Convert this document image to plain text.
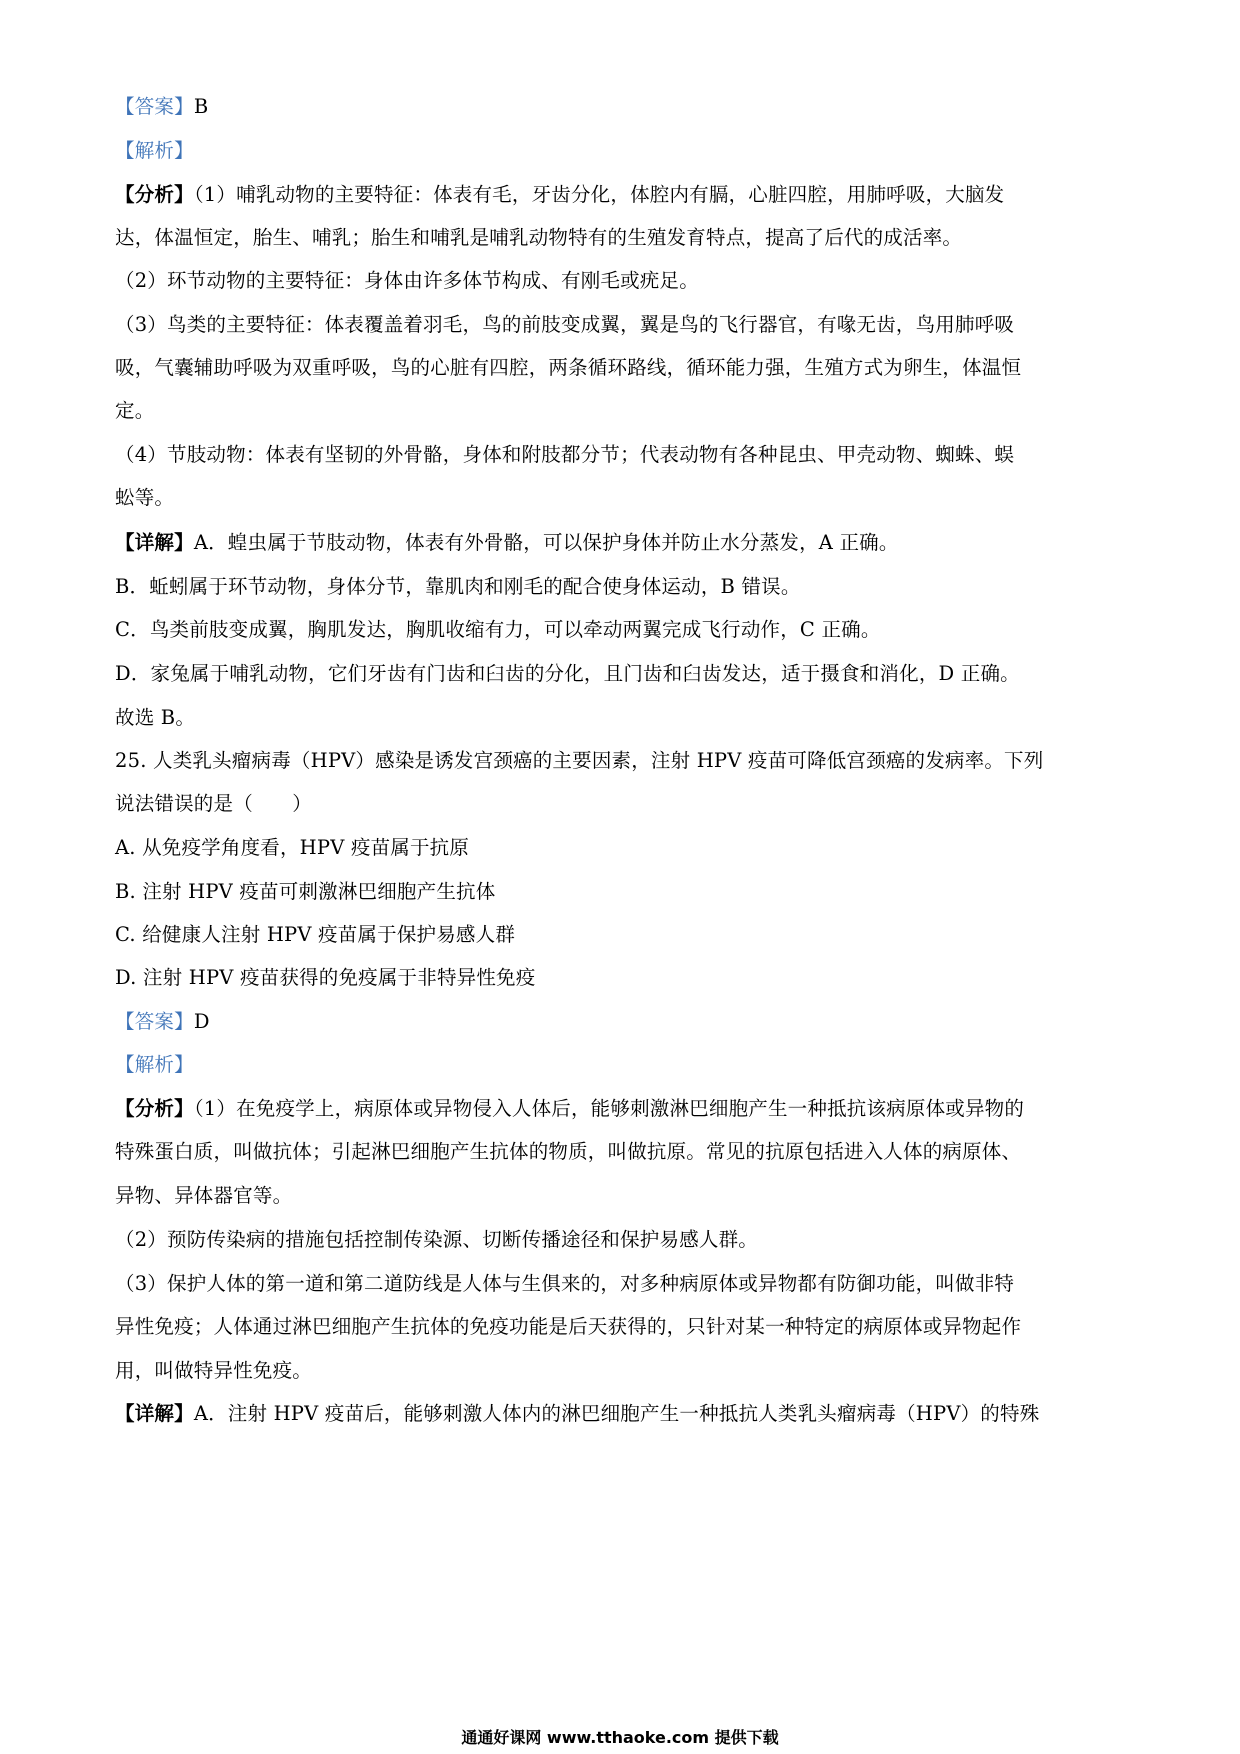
【答案】B
【解析】
【分析】（1）哺乳动物的主要特征：体表有毛，牙齿分化，体腔内有膈，心脏四腔，用肺呼吸，大脑发
达，体温恒定，胎生、哺乳；胎生和哺乳是哺乳动物特有的生殖发育特点，提高了后代的成活率。
（2）环节动物的主要特征：身体由许多体节构成、有刚毛或疣足。
（3）鸟类的主要特征：体表覆盖着羽毛，鸟的前肢变成翼，翼是鸟的飞行器官，有喙无齿，鸟用肺呼吸
吸，气囊辅助呼吸为双重呼吸，鸟的心脏有四腔，两条循环路线，循环能力强，生殖方式为卵生，体温恒
定。
（4）节肢动物：体表有坚韧的外骨骼，身体和附肢都分节；代表动物有各种昆虫、甲壳动物、蜘蛛、蜈
蚣等。
【详解】A．蝗虫属于节肢动物，体表有外骨骼，可以保护身体并防止水分蒸发，A 正确。
B．蚯蚓属于环节动物，身体分节，靠肌肉和刚毛的配合使身体运动，B 错误。
C．鸟类前肢变成翼，胸肌发达，胸肌收缩有力，可以牵动两翼完成飞行动作，C 正确。
D．家兔属于哺乳动物，它们牙齿有门齿和臼齿的分化，且门齿和臼齿发达，适于摄食和消化，D 正确。
故选 B。
25. 人类乳头瘤病毒（HPV）感染是诱发宫颈癌的主要因素，注射 HPV 疫苗可降低宫颈癌的发病率。下列
说法错误的是（　　）
A. 从免疫学角度看，HPV 疫苗属于抗原
B. 注射 HPV 疫苗可刺激淋巴细胞产生抗体
C. 给健康人注射 HPV 疫苗属于保护易感人群
D. 注射 HPV 疫苗获得的免疫属于非特异性免疫
【答案】D
【解析】
【分析】（1）在免疫学上，病原体或异物侵入人体后，能够刺激淋巴细胞产生一种抵抗该病原体或异物的
特殊蛋白质，叫做抗体；引起淋巴细胞产生抗体的物质，叫做抗原。常见的抗原包括进入人体的病原体、
异物、异体器官等。
（2）预防传染病的措施包括控制传染源、切断传播途径和保护易感人群。
（3）保护人体的第一道和第二道防线是人体与生俱来的，对多种病原体或异物都有防御功能，叫做非特
异性免疫；人体通过淋巴细胞产生抗体的免疫功能是后天获得的，只针对某一种特定的病原体或异物起作
用，叫做特异性免疫。
【详解】A．注射 HPV 疫苗后，能够刺激人体内的淋巴细胞产生一种抵抗人类乳头瘤病毒（HPV）的特殊
通通好课网 www.tthaoke.com 提供下载
